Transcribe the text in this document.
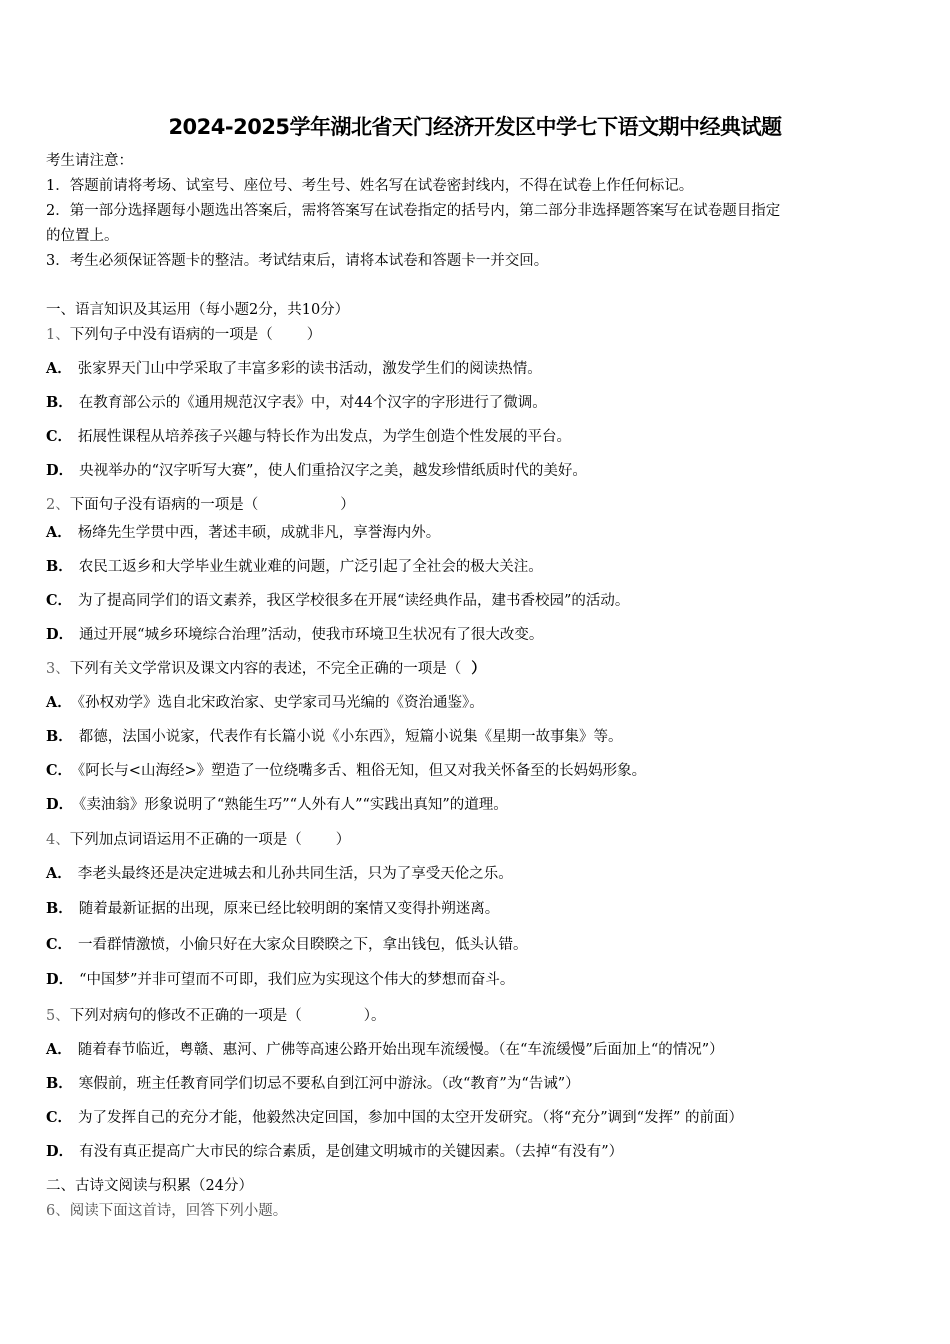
2024-2025学年湖北省天门经济开发区中学七下语文期中经典试题
考生请注意：
1．答题前请将考场、试室号、座位号、考生号、姓名写在试卷密封线内，不得在试卷上作任何标记。
2．第一部分选择题每小题选出答案后，需将答案写在试卷指定的括号内，第二部分非选择题答案写在试卷题目指定
的位置上。
3．考生必须保证答题卡的整洁。考试结束后，请将本试卷和答题卡一并交回。
一、语言知识及其运用（每小题2分，共10分）
1、下列句子中没有语病的一项是（ ）
A． 张家界天门山中学采取了丰富多彩的读书活动，激发学生们的阅读热情。
B． 在教育部公示的《通用规范汉字表》中，对44个汉字的字形进行了微调。
C． 拓展性课程从培养孩子兴趣与特长作为出发点，为学生创造个性发展的平台。
D． 央视举办的“汉字听写大赛”，使人们重拾汉字之美，越发珍惜纸质时代的美好。
2、下面句子没有语病的一项是（	）
A． 杨绛先生学贯中西，著述丰硕，成就非凡，享誉海内外。
B． 农民工返乡和大学毕业生就业难的问题，广泛引起了全社会的极大关注。
C． 为了提高同学们的语文素养，我区学校很多在开展“读经典作品，建书香校园”的活动。
D． 通过开展“城乡环境综合治理”活动，使我市环境卫生状况有了很大改变。
3、下列有关文学常识及课文内容的表述，不完全正确的一项是（ ）
A． 《孙权劝学》选自北宋政治家、史学家司马光编的《资治通鉴》。
B． 都德，法国小说家，代表作有长篇小说《小东西》，短篇小说集《星期一故事集》等。
C． 《阿长与<山海经>》塑造了一位绕嘴多舌、粗俗无知，但又对我关怀备至的长妈妈形象。
D． 《卖油翁》形象说明了“熟能生巧”“人外有人”“实践出真知”的道理。
4、下列加点词语运用不正确的一项是（ ）
A． 李老头最终还是决定进城去和儿孙共同生活，只为了享受天伦之乐。
B． 随着最新证据的出现，原来已经比较明朗的案情又变得扑朔迷离。
C． 一看群情激愤，小偷只好在大家众目睽睽之下，拿出钱包，低头认错。
D． “中国梦”并非可望而不可即，我们应为实现这个伟大的梦想而奋斗。
5、下列对病句的修改不正确的一项是（	）。
A． 随着春节临近，粤赣、惠河、广佛等高速公路开始出现车流缓慢。（在“车流缓慢”后面加上“的情况”）
B． 寒假前，班主任教育同学们切忌不要私自到江河中游泳。（改“教育”为“告诫”）
C． 为了发挥自己的充分才能，他毅然决定回国，参加中国的太空开发研究。（将“充分”调到“发挥” 的前面）
D． 有没有真正提高广大市民的综合素质，是创建文明城市的关键因素。（去掉“有没有”）
二、古诗文阅读与积累（24分）
6、阅读下面这首诗，回答下列小题。
